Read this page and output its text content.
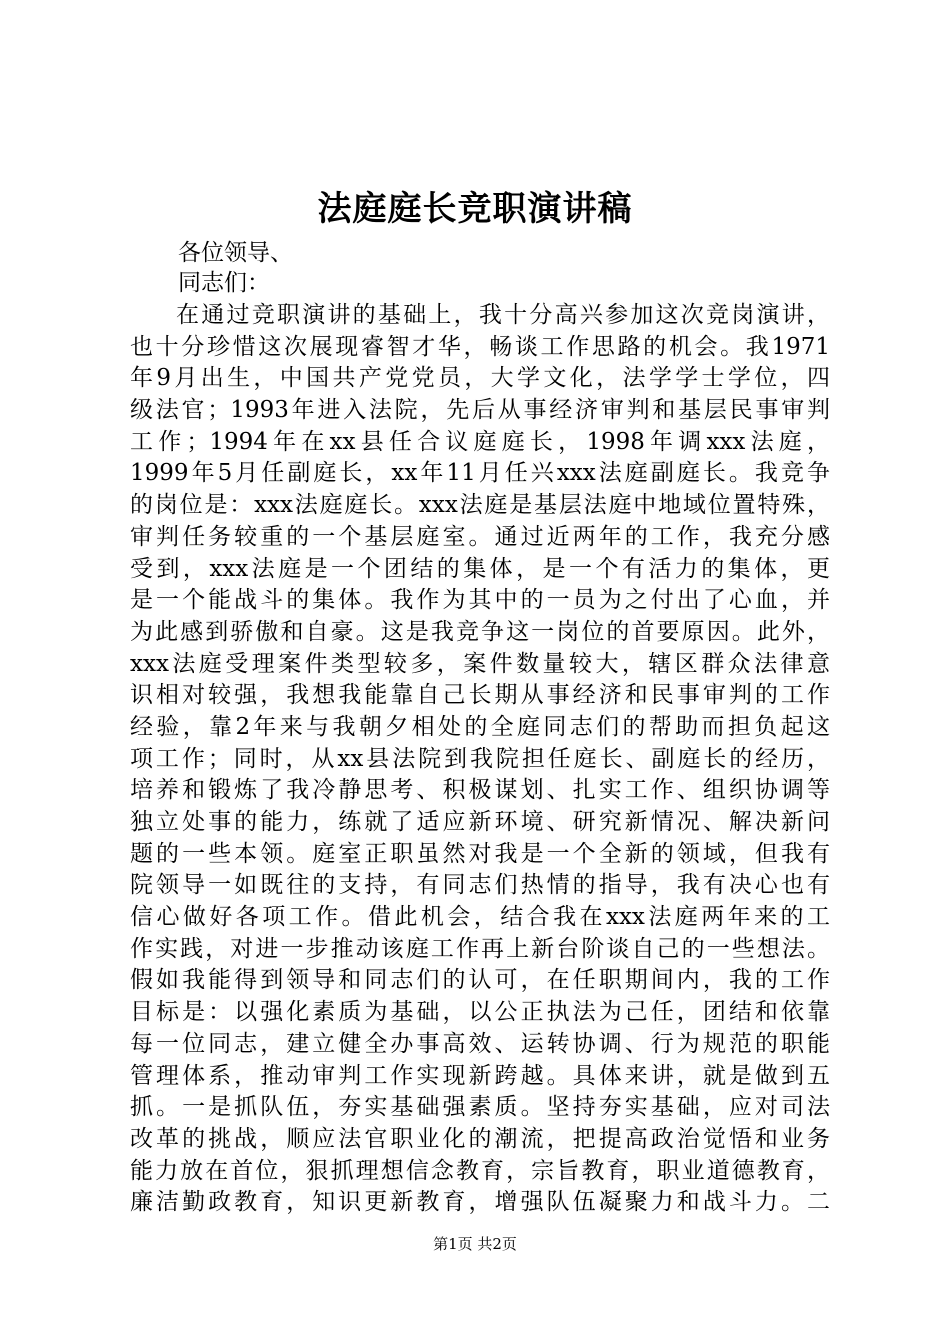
法庭庭长竞职演讲稿
各位领导、
同志们：
在通过竞职演讲的基础上，我十分高兴参加这次竞岗演讲，
也十分珍惜这次展现睿智才华，畅谈工作思路的机会。我1971
年9月出生，中国共产党党员，大学文化，法学学士学位，四
级法官；1993年进入法院，先后从事经济审判和基层民事审判
工作；1994年在xx县任合议庭庭长，1998年调xxx法庭，
1999年5月任副庭长，xx年11月任兴xxx法庭副庭长。我竞争
的岗位是：xxx法庭庭长。xxx法庭是基层法庭中地域位置特殊，
审判任务较重的一个基层庭室。通过近两年的工作，我充分感
受到，xxx法庭是一个团结的集体，是一个有活力的集体，更
是一个能战斗的集体。我作为其中的一员为之付出了心血，并
为此感到骄傲和自豪。这是我竞争这一岗位的首要原因。此外，
xxx法庭受理案件类型较多，案件数量较大，辖区群众法律意
识相对较强，我想我能靠自己长期从事经济和民事审判的工作
经验，靠2年来与我朝夕相处的全庭同志们的帮助而担负起这
项工作；同时，从xx县法院到我院担任庭长、副庭长的经历，
培养和锻炼了我冷静思考、积极谋划、扎实工作、组织协调等
独立处事的能力，练就了适应新环境、研究新情况、解决新问
题的一些本领。庭室正职虽然对我是一个全新的领域，但我有
院领导一如既往的支持，有同志们热情的指导，我有决心也有
信心做好各项工作。借此机会，结合我在xxx法庭两年来的工
作实践，对进一步推动该庭工作再上新台阶谈自己的一些想法。
假如我能得到领导和同志们的认可，在任职期间内，我的工作
目标是：以强化素质为基础，以公正执法为己任，团结和依靠
每一位同志，建立健全办事高效、运转协调、行为规范的职能
管理体系，推动审判工作实现新跨越。具体来讲，就是做到五
抓。一是抓队伍，夯实基础强素质。坚持夯实基础，应对司法
改革的挑战，顺应法官职业化的潮流，把提高政治觉悟和业务
能力放在首位，狠抓理想信念教育，宗旨教育，职业道德教育，
廉洁勤政教育，知识更新教育，增强队伍凝聚力和战斗力。二
第1页 共2页
